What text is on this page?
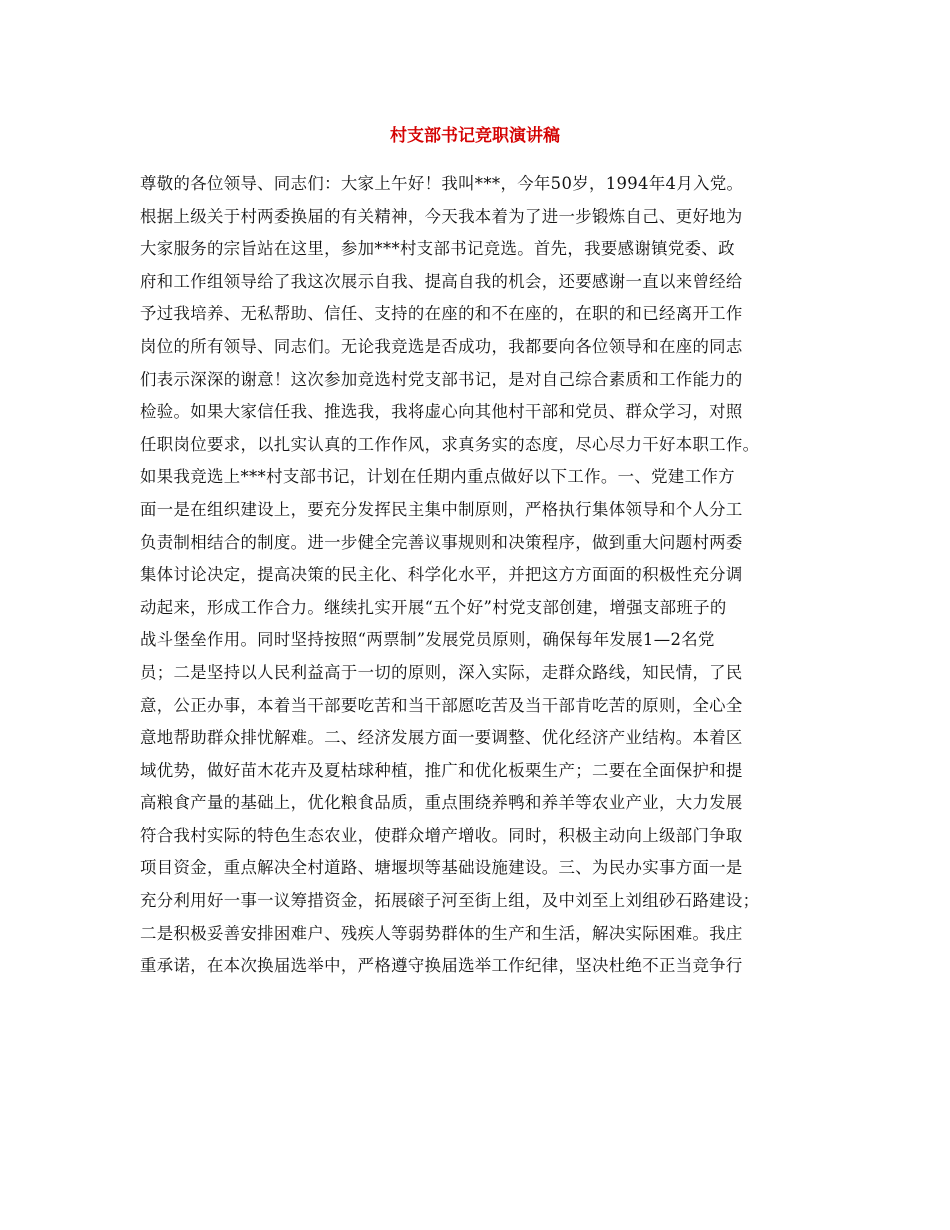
村支部书记竞职演讲稿
尊敬的各位领导、同志们：大家上午好！我叫***，今年50岁，1994年4月入党。
根据上级关于村两委换届的有关精神，今天我本着为了进一步锻炼自己、更好地为
大家服务的宗旨站在这里，参加***村支部书记竞选。首先，我要感谢镇党委、政
府和工作组领导给了我这次展示自我、提高自我的机会，还要感谢一直以来曾经给
予过我培养、无私帮助、信任、支持的在座的和不在座的，在职的和已经离开工作
岗位的所有领导、同志们。无论我竞选是否成功，我都要向各位领导和在座的同志
们表示深深的谢意！这次参加竞选村党支部书记，是对自己综合素质和工作能力的
检验。如果大家信任我、推选我，我将虚心向其他村干部和党员、群众学习，对照
任职岗位要求，以扎实认真的工作作风，求真务实的态度，尽心尽力干好本职工作。
如果我竞选上***村支部书记，计划在任期内重点做好以下工作。一、党建工作方
面一是在组织建设上，要充分发挥民主集中制原则，严格执行集体领导和个人分工
负责制相结合的制度。进一步健全完善议事规则和决策程序，做到重大问题村两委
集体讨论决定，提高决策的民主化、科学化水平，并把这方方面面的积极性充分调
动起来，形成工作合力。继续扎实开展“五个好”村党支部创建，增强支部班子的
战斗堡垒作用。同时坚持按照“两票制”发展党员原则，确保每年发展1—2名党
员；二是坚持以人民利益高于一切的原则，深入实际，走群众路线，知民情，了民
意，公正办事，本着当干部要吃苦和当干部愿吃苦及当干部肯吃苦的原则，全心全
意地帮助群众排忧解难。二、经济发展方面一要调整、优化经济产业结构。本着区
域优势，做好苗木花卉及夏枯球种植，推广和优化板栗生产；二要在全面保护和提
高粮食产量的基础上，优化粮食品质，重点围绕养鸭和养羊等农业产业，大力发展
符合我村实际的特色生态农业，使群众增产增收。同时，积极主动向上级部门争取
项目资金，重点解决全村道路、塘堰坝等基础设施建设。三、为民办实事方面一是
充分利用好一事一议筹措资金，拓展磙子河至街上组，及中刘至上刘组砂石路建设；
二是积极妥善安排困难户、残疾人等弱势群体的生产和生活，解决实际困难。我庄
重承诺，在本次换届选举中，严格遵守换届选举工作纪律，坚决杜绝不正当竞争行
